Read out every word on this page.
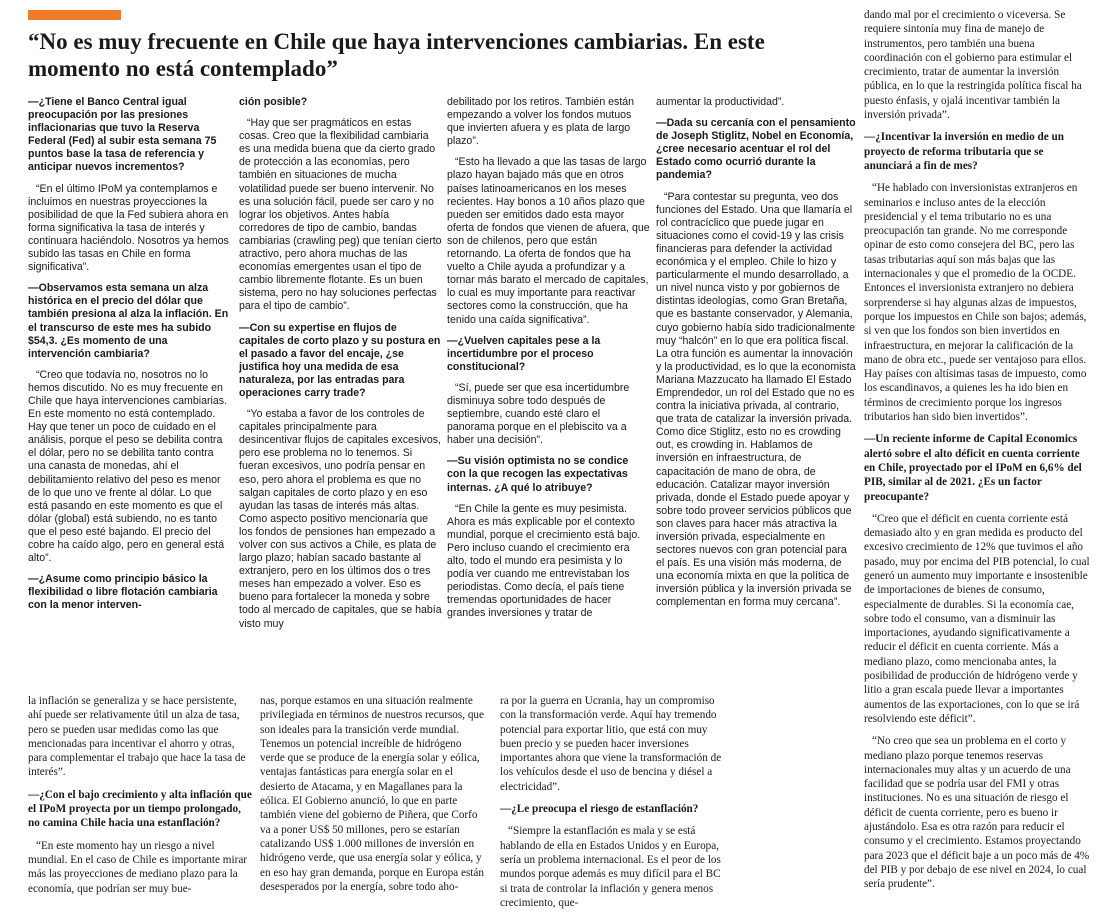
“No es muy frecuente en Chile que haya intervenciones cambiarias. En este momento no está contemplado”

—¿Tiene el Banco Central igual preocupación por las presiones inflacionarias que tuvo la Reserva Federal (Fed) al subir esta semana 75 puntos base la tasa de referencia y anticipar nuevos incrementos?

“En el último IPoM ya contemplamos e incluimos en nuestras proyecciones la posibilidad de que la Fed subiera ahora en forma significativa la tasa de interés y continuara haciéndolo. Nosotros ya hemos subido las tasas en Chile en forma significativa”.

—Observamos esta semana un alza histórica en el precio del dólar que también presiona al alza la inflación. En el transcurso de este mes ha subido $54,3. ¿Es momento de una intervención cambiaria?

“Creo que todavía no, nosotros no lo hemos discutido. No es muy frecuente en Chile que haya intervenciones cambiarias. En este momento no está contemplado. Hay que tener un poco de cuidado en el análisis, porque el peso se debilita contra el dólar, pero no se debilita tanto contra una canasta de monedas, ahí el debilitamiento relativo del peso es menor de lo que uno ve frente al dólar. Lo que está pasando en este momento es que el dólar (global) está subiendo, no es tanto que el peso esté bajando. El precio del cobre ha caído algo, pero en general está alto”.

—¿Asume como principio básico la flexibilidad o libre flotación cambiaria con la menor interven-

ción posible?

“Hay que ser pragmáticos en estas cosas. Creo que la flexibilidad cambiaria es una medida buena que da cierto grado de protección a las economías, pero también en situaciones de mucha volatilidad puede ser bueno intervenir. No es una solución fácil, puede ser caro y no lograr los objetivos. Antes había corredores de tipo de cambio, bandas cambiarias (crawling peg) que tenían cierto atractivo, pero ahora muchas de las economías emergentes usan el tipo de cambio libremente flotante. Es un buen sistema, pero no hay soluciones perfectas para el tipo de cambio”.

—Con su expertise en flujos de capitales de corto plazo y su postura en el pasado a favor del encaje, ¿se justifica hoy una medida de esa naturaleza, por las entradas para operaciones carry trade?

“Yo estaba a favor de los controles de capitales principalmente para desincentivar flujos de capitales excesivos, pero ese problema no lo tenemos. Si fueran excesivos, uno podría pensar en eso, pero ahora el problema es que no salgan capitales de corto plazo y en eso ayudan las tasas de interés más altas. Como aspecto positivo mencionaría que los fondos de pensiones han empezado a volver con sus activos a Chile, es plata de largo plazo; habían sacado bastante al extranjero, pero en los últimos dos o tres meses han empezado a volver. Eso es bueno para fortalecer la moneda y sobre todo al mercado de capitales, que se había visto muy

debilitado por los retiros. También están empezando a volver los fondos mutuos que invierten afuera y es plata de largo plazo”.

“Esto ha llevado a que las tasas de largo plazo hayan bajado más que en otros países latinoamericanos en los meses recientes. Hay bonos a 10 años plazo que pueden ser emitidos dado esta mayor oferta de fondos que vienen de afuera, que son de chilenos, pero que están retornando. La oferta de fondos que ha vuelto a Chile ayuda a profundizar y a tornar más barato el mercado de capitales, lo cual es muy importante para reactivar sectores como la construcción, que ha tenido una caída significativa”.

—¿Vuelven capitales pese a la incertidumbre por el proceso constitucional?

“Sí, puede ser que esa incertidumbre disminuya sobre todo después de septiembre, cuando esté claro el panorama porque en el plebiscito va a haber una decisión”.

—Su visión optimista no se condice con la que recogen las expectativas internas. ¿A qué lo atribuye?

“En Chile la gente es muy pesimista. Ahora es más explicable por el contexto mundial, porque el crecimiento está bajo. Pero incluso cuando el crecimiento era alto, todo el mundo era pesimista y lo podía ver cuando me entrevistaban los periodistas. Como decía, el país tiene tremendas oportunidades de hacer grandes inversiones y tratar de

aumentar la productividad”.

—Dada su cercanía con el pensamiento de Joseph Stiglitz, Nobel en Economía, ¿cree necesario acentuar el rol del Estado como ocurrió durante la pandemia?

“Para contestar su pregunta, veo dos funciones del Estado. Una que llamaría el rol contracíclico que puede jugar en situaciones como el covid-19 y las crisis financieras para defender la actividad económica y el empleo. Chile lo hizo y particularmente el mundo desarrollado, a un nivel nunca visto y por gobiernos de distintas ideologías, como Gran Bretaña, que es bastante conservador, y Alemania, cuyo gobierno había sido tradicionalmente muy “halcón” en lo que era política fiscal. La otra función es aumentar la innovación y la productividad, es lo que la economista Mariana Mazzucato ha llamado El Estado Emprendedor, un rol del Estado que no es contra la iniciativa privada, al contrario, que trata de catalizar la inversión privada. Como dice Stiglitz, esto no es crowding out, es crowding in. Hablamos de inversión en infraestructura, de capacitación de mano de obra, de educación. Catalizar mayor inversión privada, donde el Estado puede apoyar y sobre todo proveer servicios públicos que son claves para hacer más atractiva la inversión privada, especialmente en sectores nuevos con gran potencial para el país. Es una visión más moderna, de una economía mixta en que la política de inversión pública y la inversión privada se complementan en forma muy cercana”.

dando mal por el crecimiento o viceversa. Se requiere sintonía muy fina de manejo de instrumentos, pero también una buena coordinación con el gobierno para estimular el crecimiento, tratar de aumentar la inversión pública, en lo que la restringida política fiscal ha puesto énfasis, y ojalá incentivar también la inversión privada”.

—¿Incentivar la inversión en medio de un proyecto de reforma tributaria que se anunciará a fin de mes?

“He hablado con inversionistas extranjeros en seminarios e incluso antes de la elección presidencial y el tema tributario no es una preocupación tan grande. No me corresponde opinar de esto como consejera del BC, pero las tasas tributarias aquí son más bajas que las internacionales y que el promedio de la OCDE. Entonces el inversionista extranjero no debiera sorprenderse si hay algunas alzas de impuestos, porque los impuestos en Chile son bajos; además, si ven que los fondos son bien invertidos en infraestructura, en mejorar la calificación de la mano de obra etc., puede ser ventajoso para ellos. Hay países con altísimas tasas de impuesto, como los escandinavos, a quienes les ha ido bien en términos de crecimiento porque los ingresos tributarios han sido bien invertidos”.

—Un reciente informe de Capital Economics alertó sobre el alto déficit en cuenta corriente en Chile, proyectado por el IPoM en 6,6% del PIB, similar al de 2021. ¿Es un factor preocupante?

“Creo que el déficit en cuenta corriente está demasiado alto y en gran medida es producto del excesivo crecimiento de 12% que tuvimos el año pasado, muy por encima del PIB potencial, lo cual generó un aumento muy importante e insostenible de importaciones de bienes de consumo, especialmente de durables. Si la economía cae, sobre todo el consumo, van a disminuir las importaciones, ayudando significativamente a reducir el déficit en cuenta corriente. Más a mediano plazo, como mencionaba antes, la posibilidad de producción de hidrógeno verde y litio a gran escala puede llevar a importantes aumentos de las exportaciones, con lo que se irá resolviendo este déficit”.

“No creo que sea un problema en el corto y mediano plazo porque tenemos reservas internacionales muy altas y un acuerdo de una facilidad que se podría usar del FMI y otras instituciones. No es una situación de riesgo el déficit de cuenta corriente, pero es bueno ir ajustándolo. Esa es otra razón para reducir el consumo y el crecimiento. Estamos proyectando para 2023 que el déficit baje a un poco más de 4% del PIB y por debajo de ese nivel en 2024, lo cual sería prudente”.

la inflación se generaliza y se hace persistente, ahí puede ser relativamente útil un alza de tasa, pero se pueden usar medidas como las que mencionadas para incentivar el ahorro y otras, para complementar el trabajo que hace la tasa de interés”.

—¿Con el bajo crecimiento y alta inflación que el IPoM proyecta por un tiempo prolongado, no camina Chile hacia una estanflación?

“En este momento hay un riesgo a nivel mundial. En el caso de Chile es importante mirar más las proyecciones de mediano plazo para la economía, que podrían ser muy bue-

nas, porque estamos en una situación realmente privilegiada en términos de nuestros recursos, que son ideales para la transición verde mundial. Tenemos un potencial increíble de hidrógeno verde que se produce de la energía solar y eólica, ventajas fantásticas para energía solar en el desierto de Atacama, y en Magallanes para la eólica. El Gobierno anunció, lo que en parte también viene del gobierno de Piñera, que Corfo va a poner US$ 50 millones, pero se estarían catalizando US$ 1.000 millones de inversión en hidrógeno verde, que usa energía solar y eólica, y en eso hay gran demanda, porque en Europa están desesperados por la energía, sobre todo aho-

ra por la guerra en Ucrania, hay un compromiso con la transformación verde. Aquí hay tremendo potencial para exportar litio, que está con muy buen precio y se pueden hacer inversiones importantes ahora que viene la transformación de los vehículos desde el uso de bencina y diésel a electricidad”.

—¿Le preocupa el riesgo de estanflación?

“Siempre la estanflación es mala y se está hablando de ella en Estados Unidos y en Europa, sería un problema internacional. Es el peor de los mundos porque además es muy difícil para el BC si trata de controlar la inflación y genera menos crecimiento, que-
